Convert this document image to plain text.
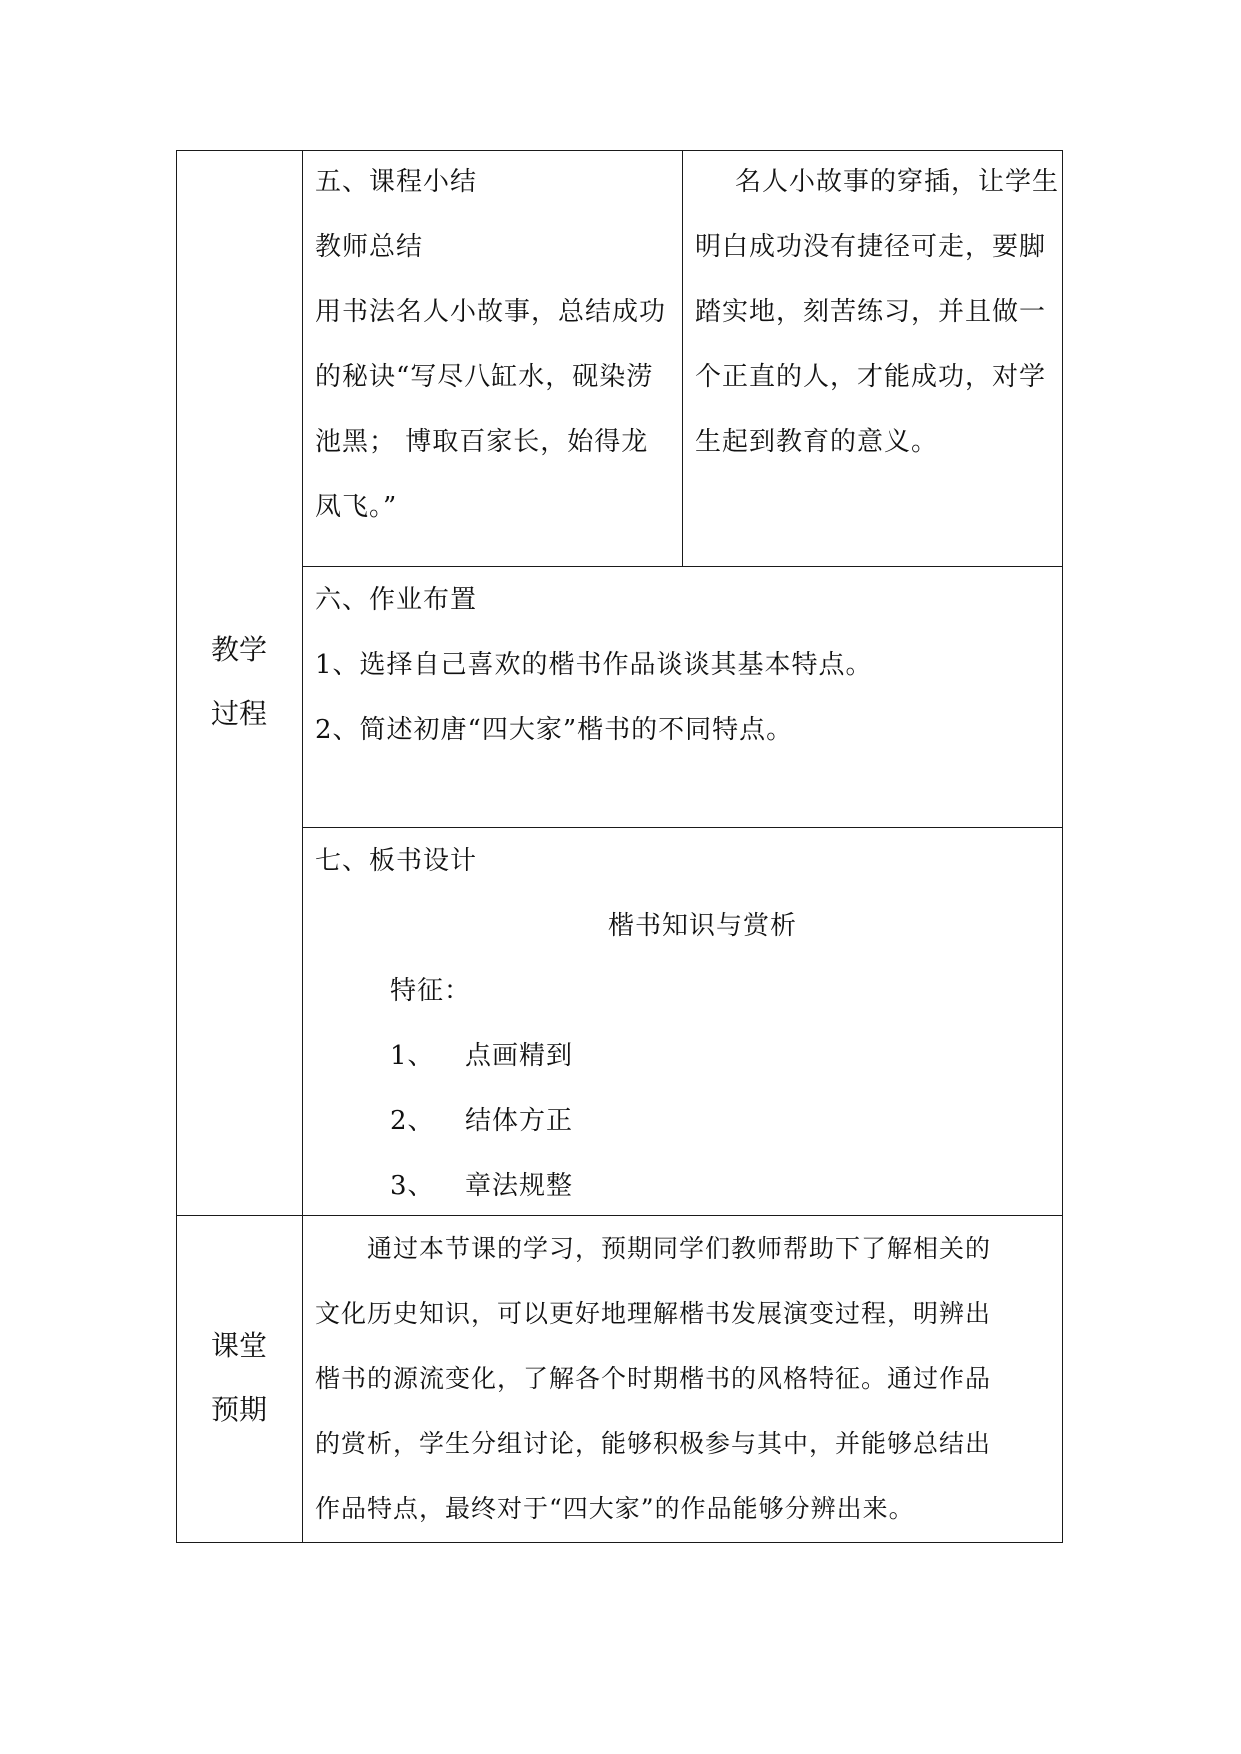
教学
过程
课堂
预期
五、课程小结
教师总结
用书法名人小故事，总结成功
的秘诀“写尽八缸水，砚染涝
池黑； 博取百家长，始得龙
凤飞。”
名人小故事的穿插，让学生
明白成功没有捷径可走，要脚
踏实地，刻苦练习，并且做一
个正直的人，才能成功，对学
生起到教育的意义。
六、作业布置
1、选择自己喜欢的楷书作品谈谈其基本特点。
2、简述初唐“四大家”楷书的不同特点。
七、板书设计
楷书知识与赏析
特征：
1、 点画精到
2、 结体方正
3、 章法规整
通过本节课的学习，预期同学们教师帮助下了解相关的
文化历史知识，可以更好地理解楷书发展演变过程，明辨出
楷书的源流变化，了解各个时期楷书的风格特征。通过作品
的赏析，学生分组讨论，能够积极参与其中，并能够总结出
作品特点，最终对于“四大家”的作品能够分辨出来。
